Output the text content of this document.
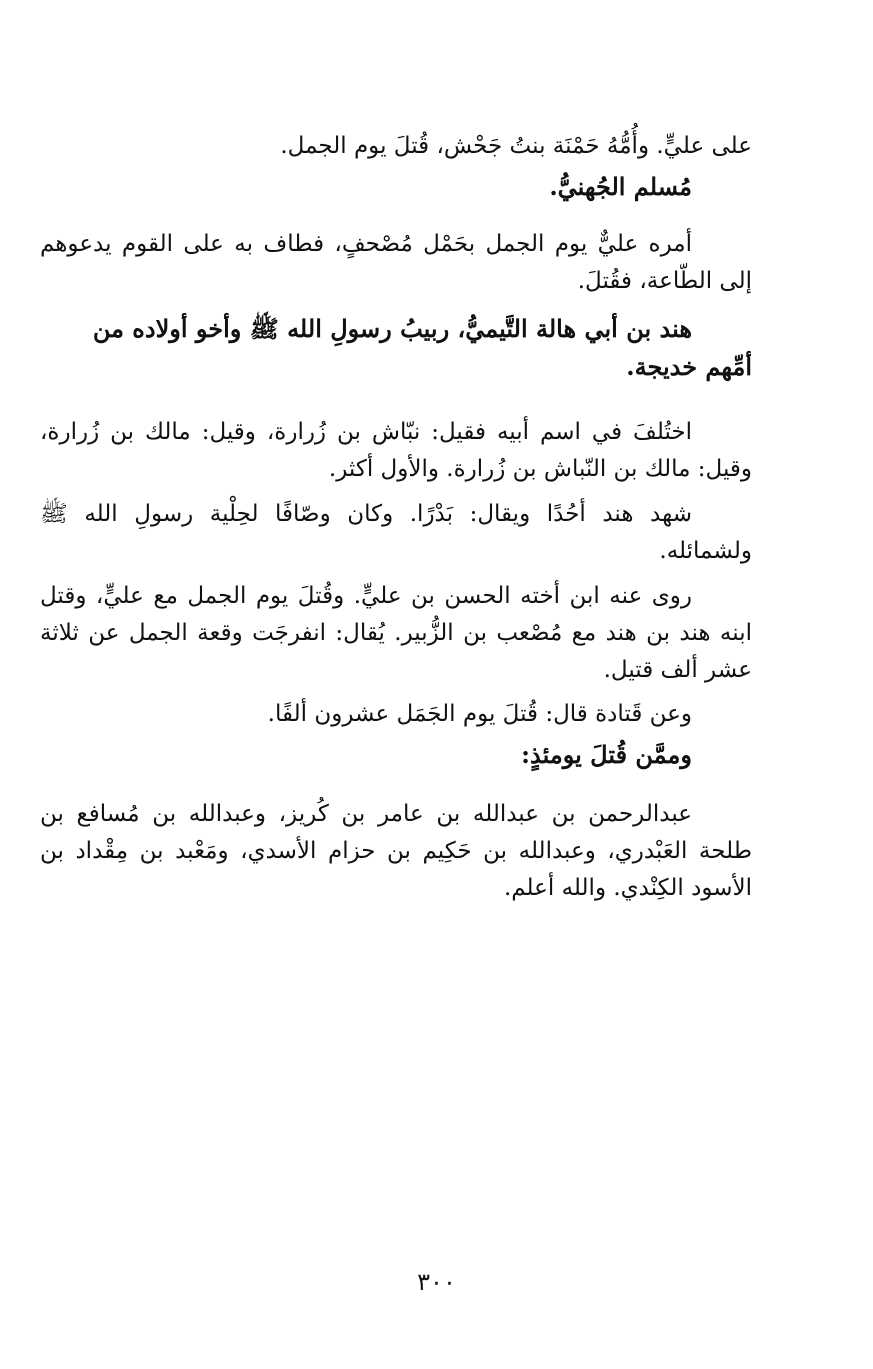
على عليٍّ. وأُمُّهُ حَمْنَة بنتُ جَحْش، قُتلَ يوم الجمل.

مُسلم الجُهنيُّ.

أمره عليٌّ يوم الجمل بحَمْل مُصْحفٍ، فطاف به على القوم يدعوهم إلى الطّاعة، فقُتلَ.

هند بن أبي هالة التَّيميُّ، ربيبُ رسولِ الله ﷺ وأخو أولاده من أمِّهم خديجة.

اختُلفَ في اسم أبيه فقيل: نبّاش بن زُرارة، وقيل: مالك بن زُرارة، وقيل: مالك بن النّباش بن زُرارة. والأول أكثر.

شهد هند أحُدًا ويقال: بَدْرًا. وكان وصّافًا لحِلْية رسولِ الله ﷺ ولشمائله.

روى عنه ابن أخته الحسن بن عليٍّ. وقُتلَ يوم الجمل مع عليٍّ، وقتل ابنه هند بن هند مع مُصْعب بن الزُّبير. يُقال: انفرجَت وقعة الجمل عن ثلاثة عشر ألف قتيل.

وعن قَتادة قال: قُتلَ يوم الجَمَل عشرون ألفًا.

وممَّن قُتلَ يومئذٍ:

عبدالرحمن بن عبدالله بن عامر بن كُريز، وعبدالله بن مُسافع بن طلحة العَبْدري، وعبدالله بن حَكِيم بن حزام الأسدي، ومَعْبد بن مِقْداد بن الأسود الكِنْدي. والله أعلم.

٣٠٠
